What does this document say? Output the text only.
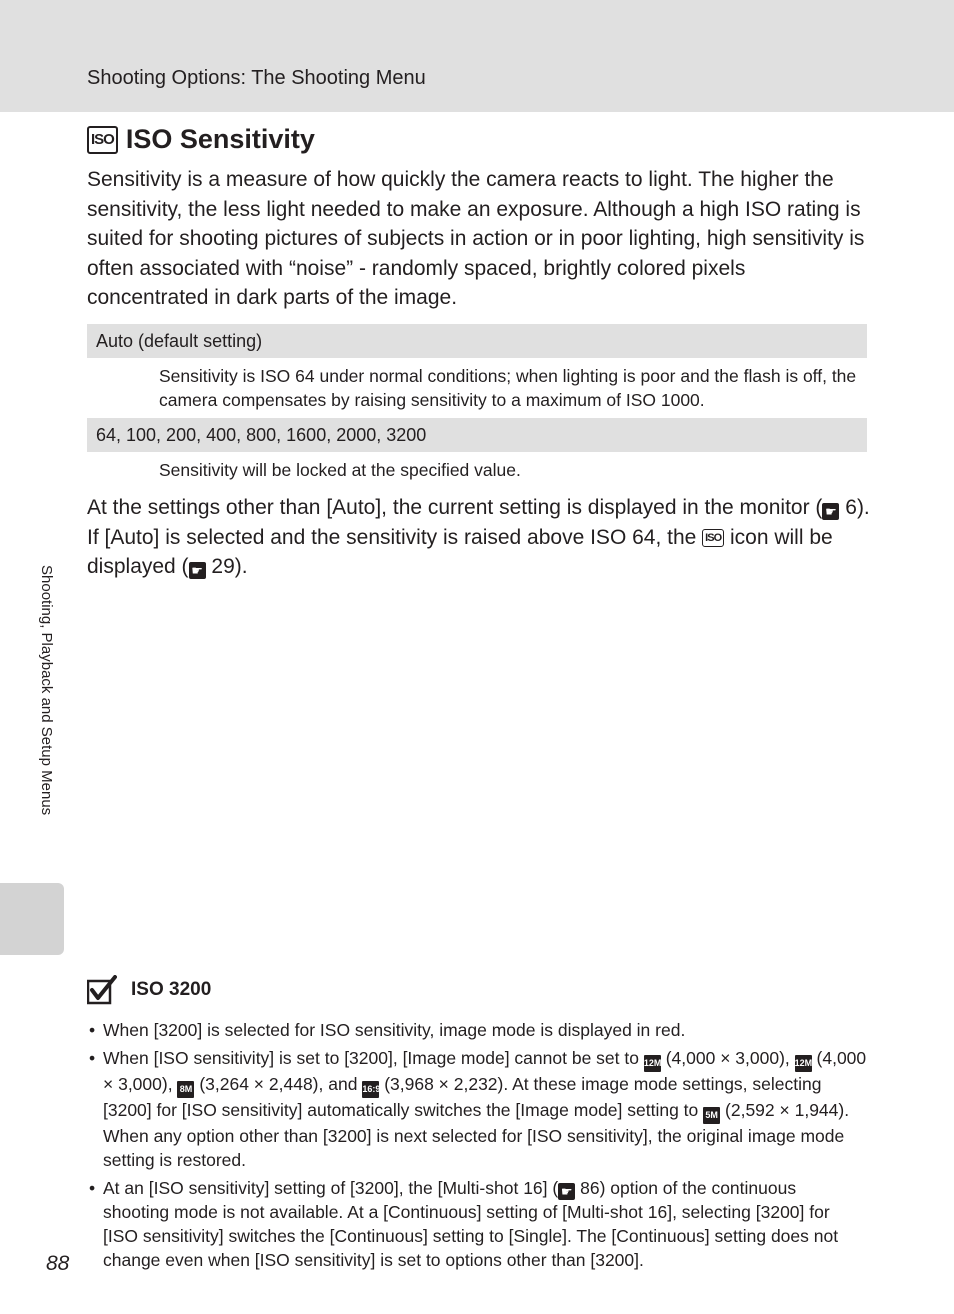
Shooting Options: The Shooting Menu
ISO ISO Sensitivity

Sensitivity is a measure of how quickly the camera reacts to light. The higher the sensitivity, the less light needed to make an exposure. Although a high ISO rating is suited for shooting pictures of subjects in action or in poor lighting, high sensitivity is often associated with “noise” - randomly spaced, brightly colored pixels concentrated in dark parts of the image.

Auto (default setting)

Sensitivity is ISO 64 under normal conditions; when lighting is poor and the flash is off, the camera compensates by raising sensitivity to a maximum of ISO 1000.

64, 100, 200, 400, 800, 1600, 2000, 3200

Sensitivity will be locked at the specified value.

At the settings other than [Auto], the current setting is displayed in the monitor ( ☛ 6). If [Auto] is selected and the sensitivity is raised above ISO 64, the ISO icon will be displayed ( ☛ 29).

Shooting, Playback and Setup Menus
ISO 3200
• When [3200] is selected for ISO sensitivity, image mode is displayed in red.
• When [ISO sensitivity] is set to [3200], [Image mode] cannot be set to 12M (4,000 × 3,000), 12M (4,000 × 3,000), 8M (3,264 × 2,448), and 16:9 (3,968 × 2,232). At these image mode settings, selecting [3200] for [ISO sensitivity] automatically switches the [Image mode] setting to 5M (2,592 × 1,944). When any option other than [3200] is next selected for [ISO sensitivity], the original image mode setting is restored.
• At an [ISO sensitivity] setting of [3200], the [Multi-shot 16] ( ☛ 86) option of the continuous shooting mode is not available. At a [Continuous] setting of [Multi-shot 16], selecting [3200] for [ISO sensitivity] switches the [Continuous] setting to [Single]. The [Continuous] setting does not change even when [ISO sensitivity] is set to options other than [3200].
88
